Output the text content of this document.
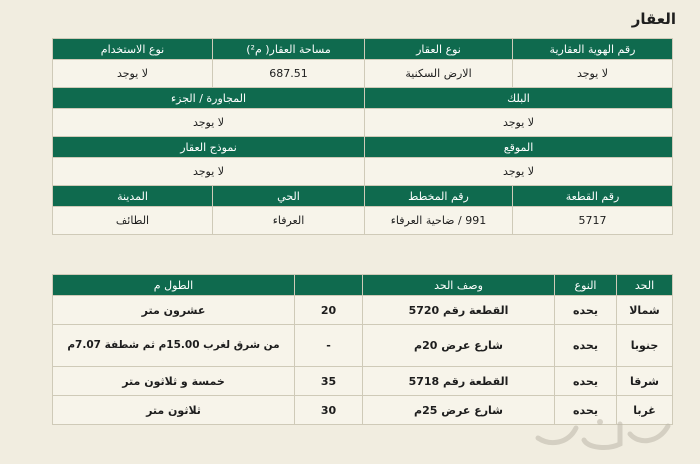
العقار
رقم الهوية العقارية	نوع العقار	مساحة العقار( م²)	نوع الاستخدام
لا يوجد	الارض السكنية	687.51	لا يوجد
البلك		المجاورة / الجزء	
لا يوجد		لا يوجد	
الموقع		نموذج العقار	
لا يوجد		لا يوجد	
رقم القطعة	رقم المخطط	الحي	المدينة
5717	991 / ضاحية العرفاء	العرفاء	الطائف
الحد	النوع	وصف الحد		الطول م
شمالا	يحده	القطعة رقم 5720	20	عشرون متر
جنوبا	يحده	شارع عرض 20م	-	من شرق لغرب 15.00م ثم شطفة 7.07م
شرقا	يحده	القطعة رقم 5718	35	خمسة و ثلاثون متر
غربا	يحده	شارع عرض 25م	30	ثلاثون متر
